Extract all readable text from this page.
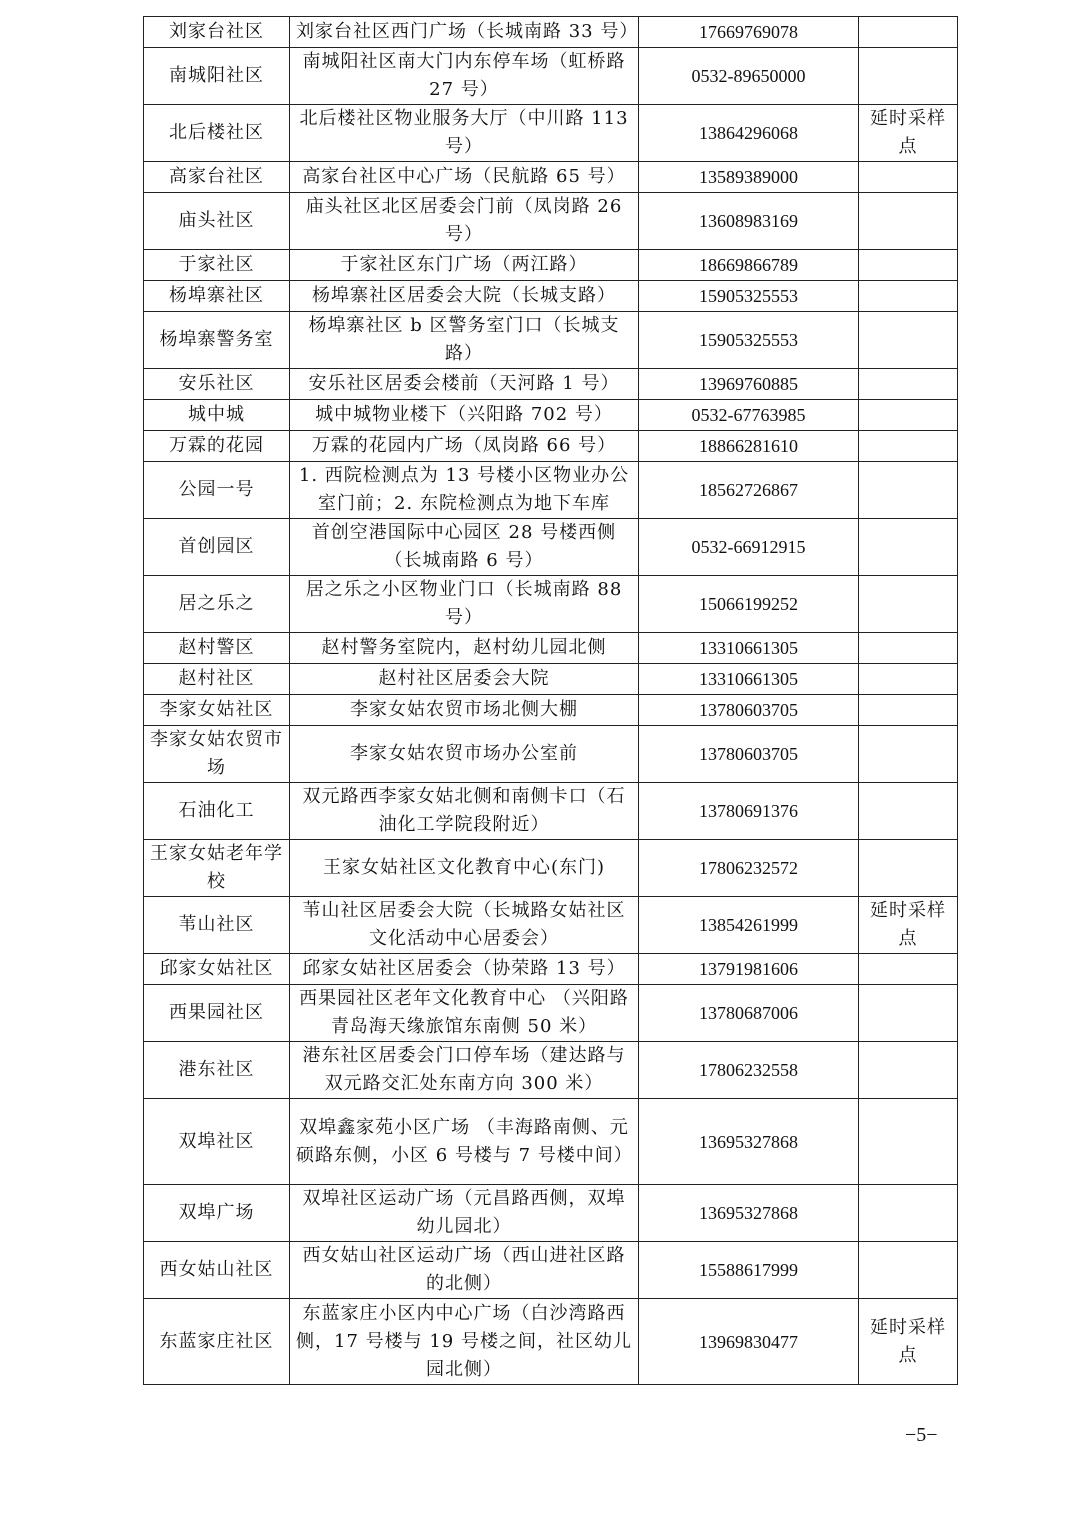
刘家台社区	刘家台社区西门广场（长城南路 33 号）	17669769078	
南城阳社区	南城阳社区南大门内东停车场（虹桥路 27 号）	0532-89650000	
北后楼社区	北后楼社区物业服务大厅（中川路 113 号）	13864296068	延时采样点
高家台社区	高家台社区中心广场（民航路 65 号）	13589389000	
庙头社区	庙头社区北区居委会门前（凤岗路 26 号）	13608983169	
于家社区	于家社区东门广场（两江路）	18669866789	
杨埠寨社区	杨埠寨社区居委会大院（长城支路）	15905325553	
杨埠寨警务室	杨埠寨社区 b 区警务室门口（长城支路）	15905325553	
安乐社区	安乐社区居委会楼前（天河路 1 号）	13969760885	
城中城	城中城物业楼下（兴阳路 702 号）	0532-67763985	
万霖的花园	万霖的花园内广场（凤岗路 66 号）	18866281610	
公园一号	1. 西院检测点为 13 号楼小区物业办公室门前；2. 东院检测点为地下车库	18562726867	
首创园区	首创空港国际中心园区 28 号楼西侧（长城南路 6 号）	0532-66912915	
居之乐之	居之乐之小区物业门口（长城南路 88 号）	15066199252	
赵村警区	赵村警务室院内，赵村幼儿园北侧	13310661305	
赵村社区	赵村社区居委会大院	13310661305	
李家女姑社区	李家女姑农贸市场北侧大棚	13780603705	
李家女姑农贸市场	李家女姑农贸市场办公室前	13780603705	
石油化工	双元路西李家女姑北侧和南侧卡口（石油化工学院段附近）	13780691376	
王家女姑老年学校	王家女姑社区文化教育中心(东门)	17806232572	
苇山社区	苇山社区居委会大院（长城路女姑社区文化活动中心居委会）	13854261999	延时采样点
邱家女姑社区	邱家女姑社区居委会（协荣路 13 号）	13791981606	
西果园社区	西果园社区老年文化教育中心 （兴阳路青岛海天缘旅馆东南侧 50 米）	13780687006	
港东社区	港东社区居委会门口停车场（建达路与双元路交汇处东南方向 300 米）	17806232558	
双埠社区	双埠鑫家苑小区广场 （丰海路南侧、元硕路东侧，小区 6 号楼与 7 号楼中间）	13695327868	
双埠广场	双埠社区运动广场（元昌路西侧，双埠幼儿园北）	13695327868	
西女姑山社区	西女姑山社区运动广场（西山进社区路的北侧）	15588617999	
东蓝家庄社区	东蓝家庄小区内中心广场（白沙湾路西侧，17 号楼与 19 号楼之间，社区幼儿园北侧）	13969830477	延时采样点
−5−
